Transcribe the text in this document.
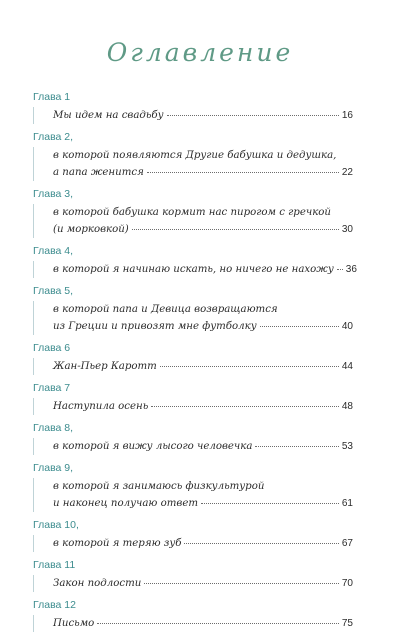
Оглавление
Глава 1
Мы идем на свадьбу	16
Глава 2,
в которой появляются Другие бабушка и дедушка,
а папа женится	22
Глава 3,
в которой бабушка кормит нас пирогом с гречкой
(и морковкой)	30
Глава 4,
в которой я начинаю искать, но ничего не нахожу 36
Глава 5,
в которой папа и Девица возвращаются
из Греции и привозят мне футболку	40
Глава 6
Жан-Пьер Каротт	44
Глава 7
Наступила осень	48
Глава 8,
в которой я вижу лысого человечка	53
Глава 9,
в которой я занимаюсь физкультурой
и наконец получаю ответ	61
Глава 10,
в которой я теряю зуб	67
Глава 11
Закон подлости	70
Глава 12
Письмо	75
